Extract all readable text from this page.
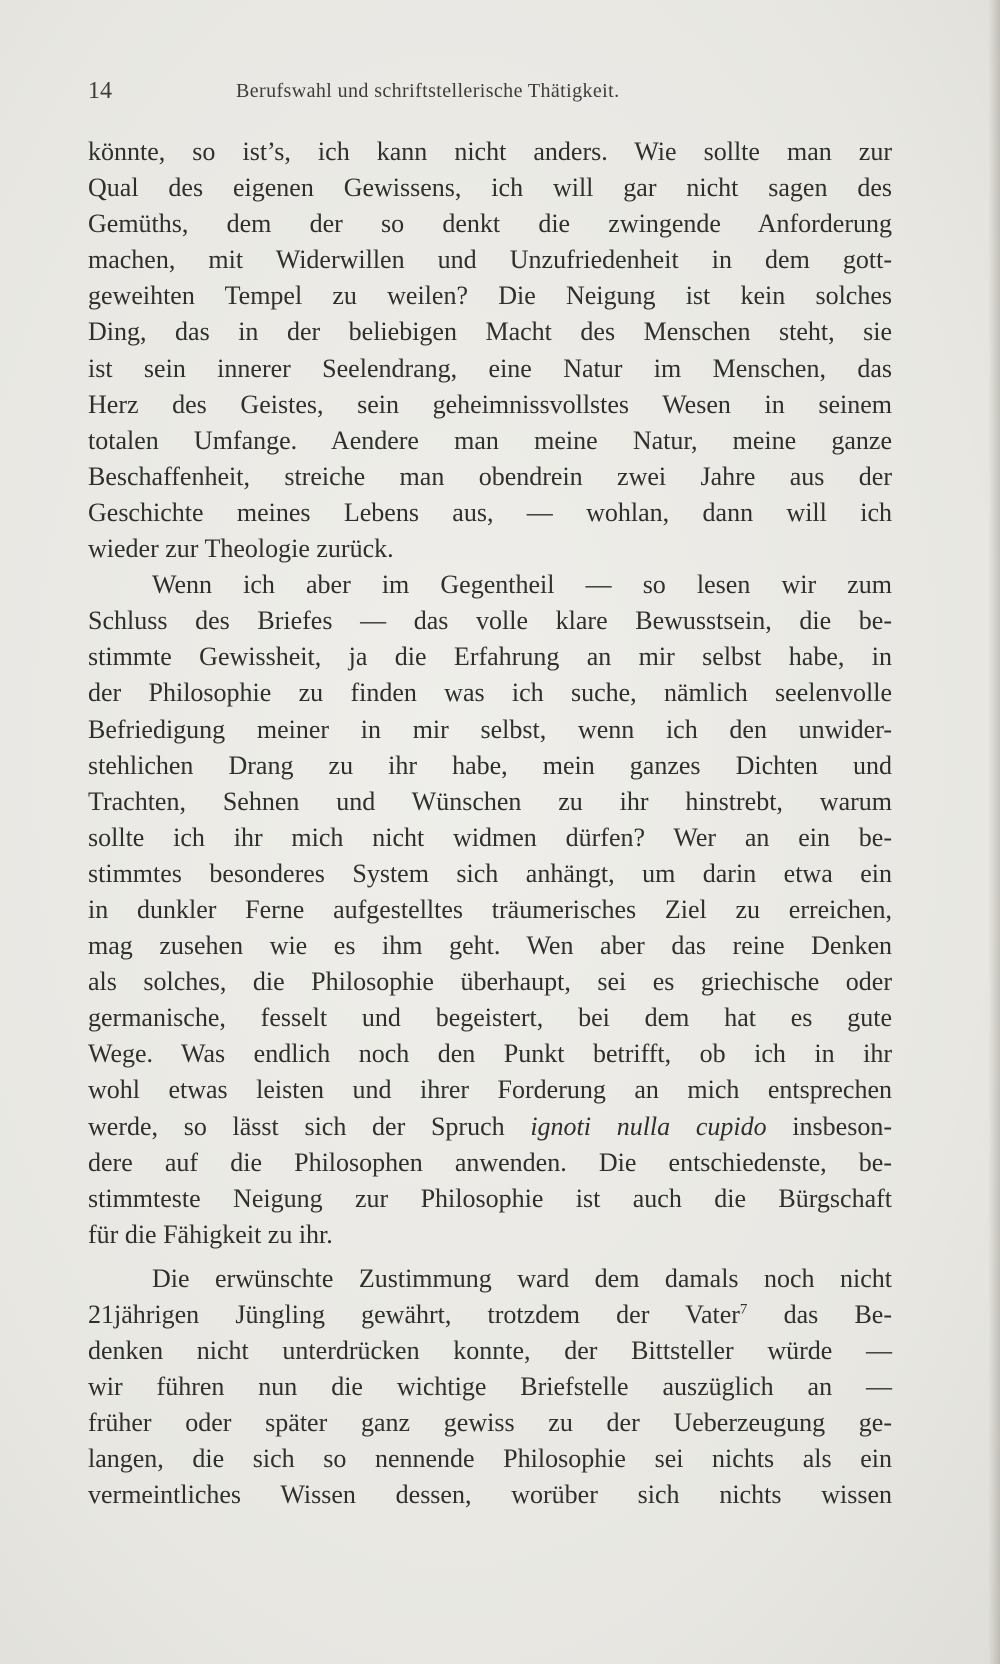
14	Berufswahl und schriftstellerische Thätigkeit.
könnte, so ist’s, ich kann nicht anders. Wie sollte man zur
Qual des eigenen Gewissens, ich will gar nicht sagen des
Gemüths, dem der so denkt die zwingende Anforderung
machen, mit Widerwillen und Unzufriedenheit in dem gott-
geweihten Tempel zu weilen? Die Neigung ist kein solches
Ding, das in der beliebigen Macht des Menschen steht, sie
ist sein innerer Seelendrang, eine Natur im Menschen, das
Herz des Geistes, sein geheimnissvollstes Wesen in seinem
totalen Umfange. Aendere man meine Natur, meine ganze
Beschaffenheit, streiche man obendrein zwei Jahre aus der
Geschichte meines Lebens aus, — wohlan, dann will ich
wieder zur Theologie zurück.
Wenn ich aber im Gegentheil — so lesen wir zum
Schluss des Briefes — das volle klare Bewusstsein, die be-
stimmte Gewissheit, ja die Erfahrung an mir selbst habe, in
der Philosophie zu finden was ich suche, nämlich seelenvolle
Befriedigung meiner in mir selbst, wenn ich den unwider-
stehlichen Drang zu ihr habe, mein ganzes Dichten und
Trachten, Sehnen und Wünschen zu ihr hinstrebt, warum
sollte ich ihr mich nicht widmen dürfen? Wer an ein be-
stimmtes besonderes System sich anhängt, um darin etwa ein
in dunkler Ferne aufgestelltes träumerisches Ziel zu erreichen,
mag zusehen wie es ihm geht. Wen aber das reine Denken
als solches, die Philosophie überhaupt, sei es griechische oder
germanische, fesselt und begeistert, bei dem hat es gute
Wege. Was endlich noch den Punkt betrifft, ob ich in ihr
wohl etwas leisten und ihrer Forderung an mich entsprechen
werde, so lässt sich der Spruch ignoti nulla cupido insbeson-
dere auf die Philosophen anwenden. Die entschiedenste, be-
stimmteste Neigung zur Philosophie ist auch die Bürgschaft
für die Fähigkeit zu ihr.
Die erwünschte Zustimmung ward dem damals noch nicht
21jährigen Jüngling gewährt, trotzdem der Vater$^7$ das Be-
denken nicht unterdrücken konnte, der Bittsteller würde —
wir führen nun die wichtige Briefstelle auszüglich an —
früher oder später ganz gewiss zu der Ueberzeugung ge-
langen, die sich so nennende Philosophie sei nichts als ein
vermeintliches Wissen dessen, worüber sich nichts wissen
